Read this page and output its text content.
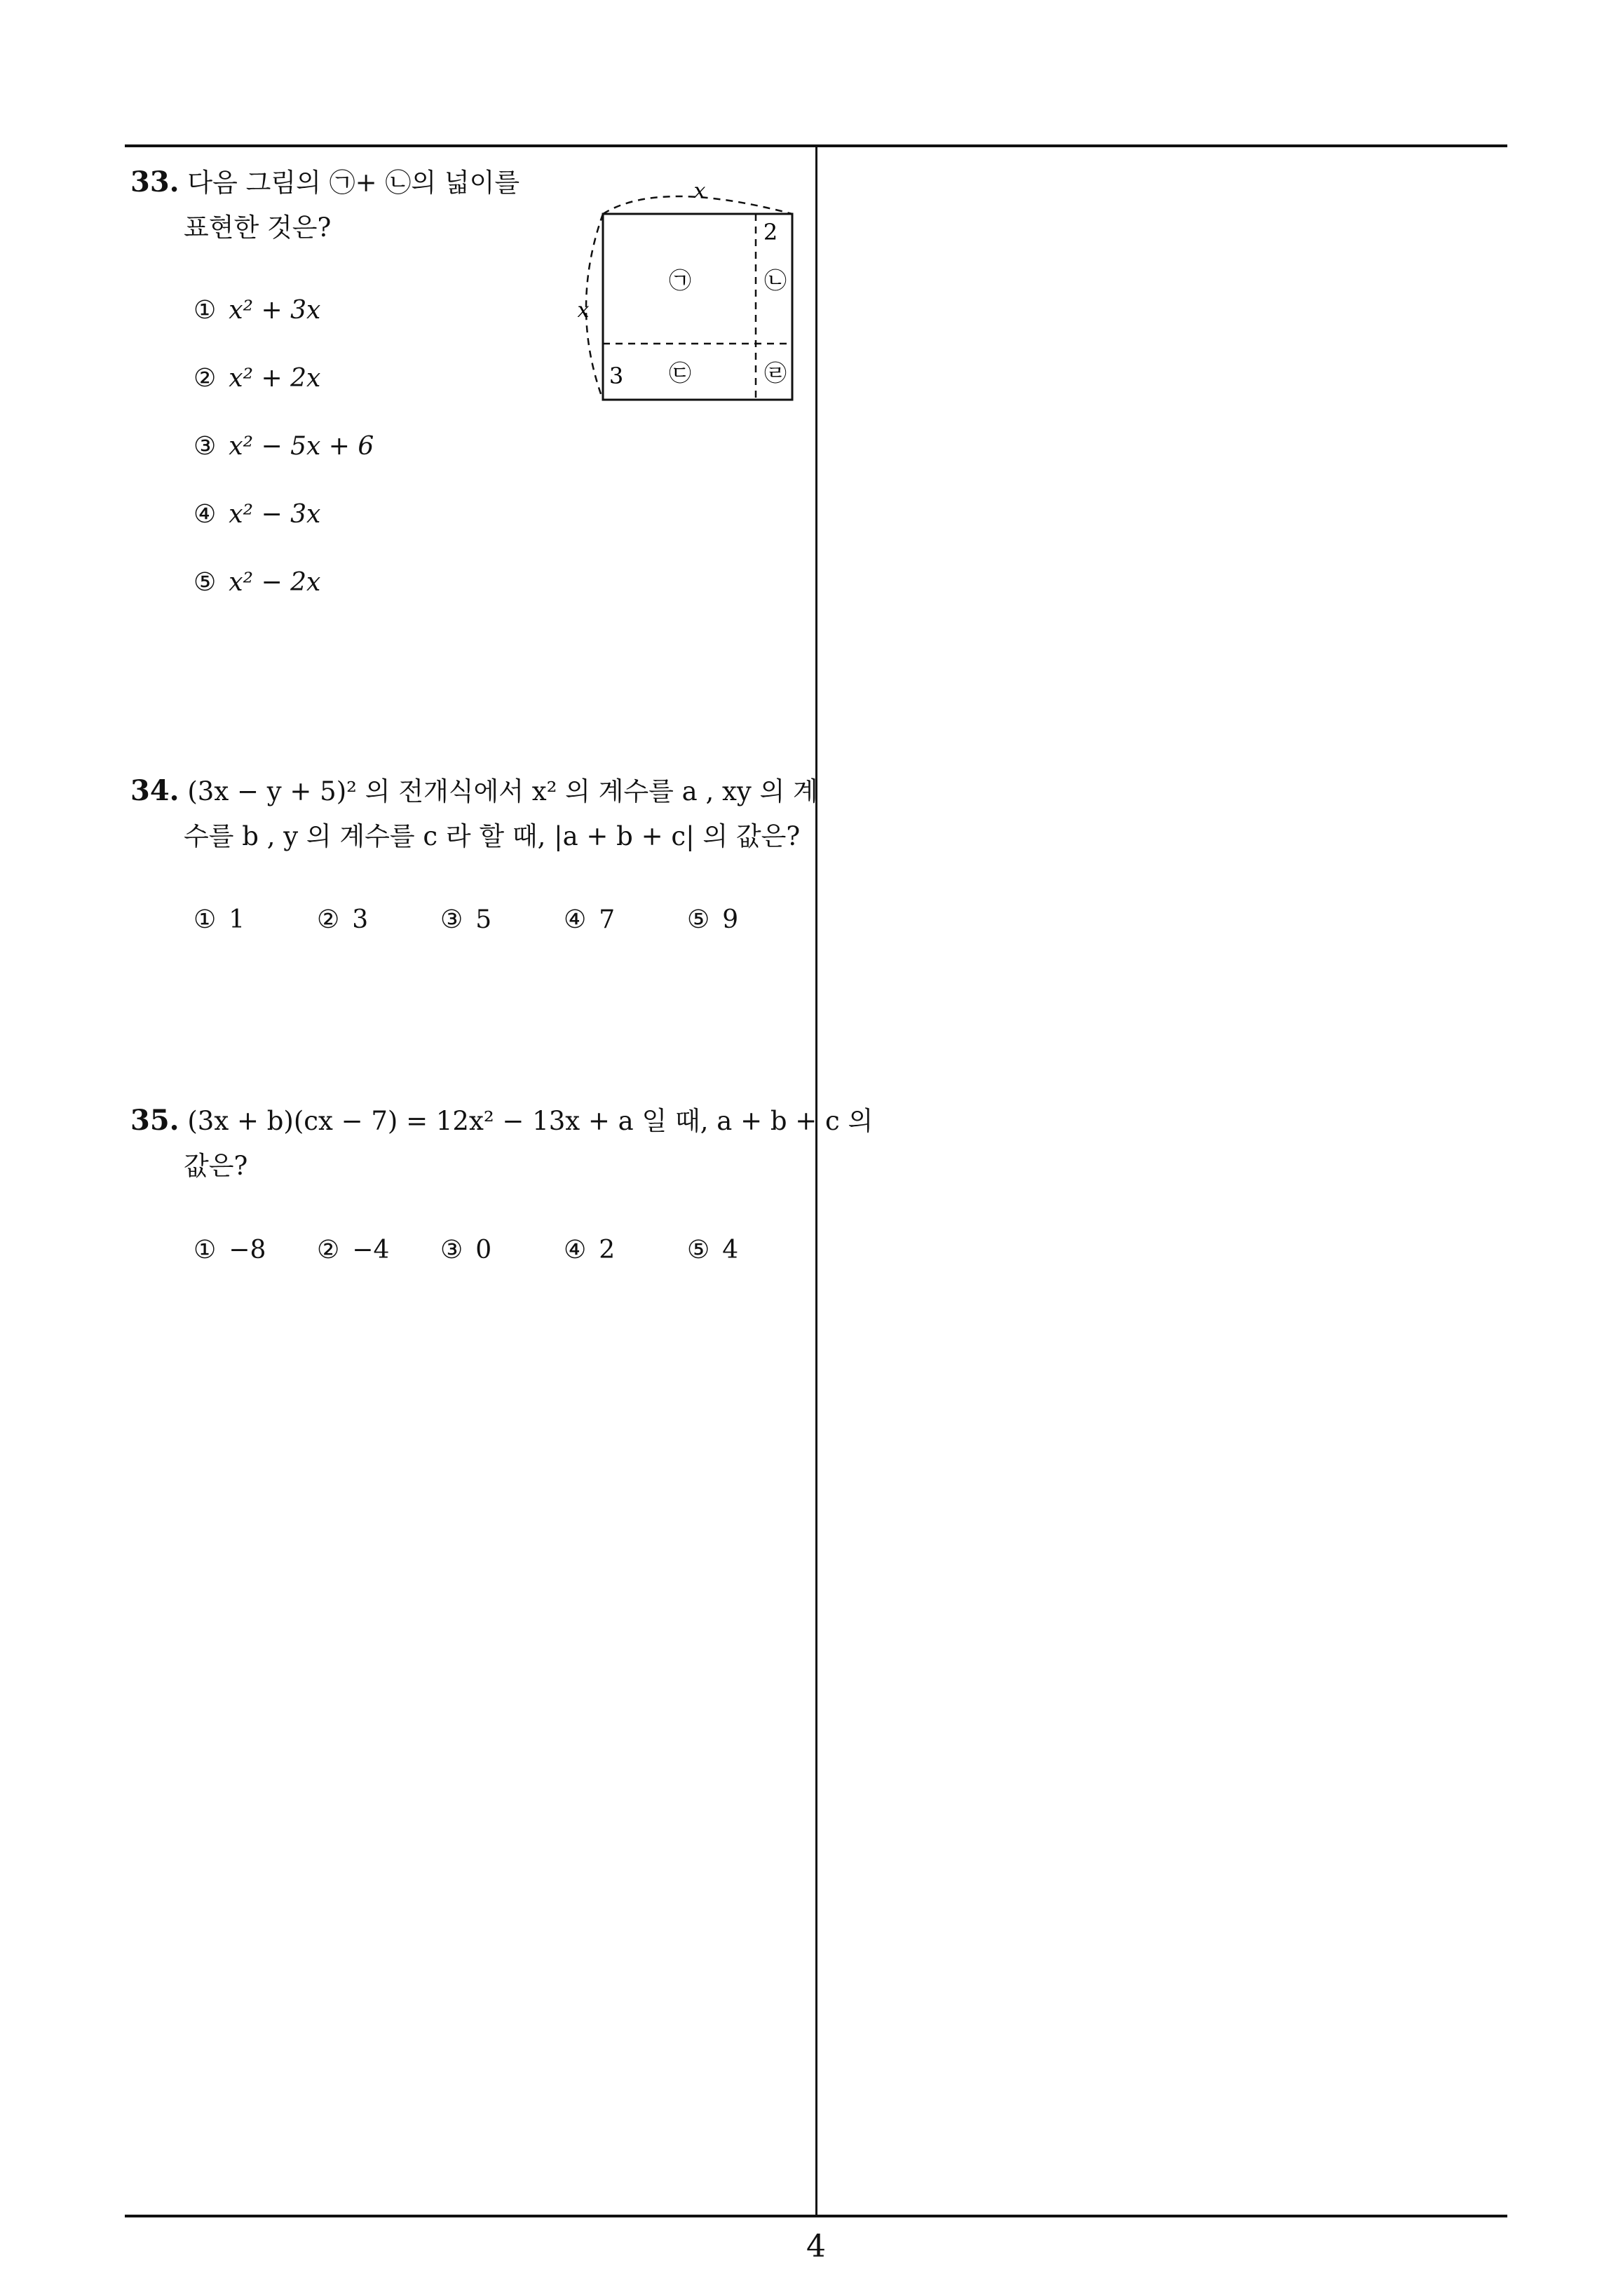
33. 다음 그림의 ㉠+ ㉡의 넓이를
표현한 것은?
① x² + 3x
② x² + 2x
③ x² − 5x + 6
④ x² − 3x
⑤ x² − 2x
x
x
2
3
㉠	㉡
㉢	㉣
34. (3x − y + 5)² 의 전개식에서 x² 의 계수를 a , xy 의 계
수를 b , y 의 계수를 c 라 할 때, |a + b + c| 의 값은?
① 1	② 3	③ 5	④ 7	⑤ 9
35. (3x + b)(cx − 7) = 12x² − 13x + a 일 때, a + b + c 의
값은?
① −8 ② −4 ③ 0	④ 2	⑤ 4
4
